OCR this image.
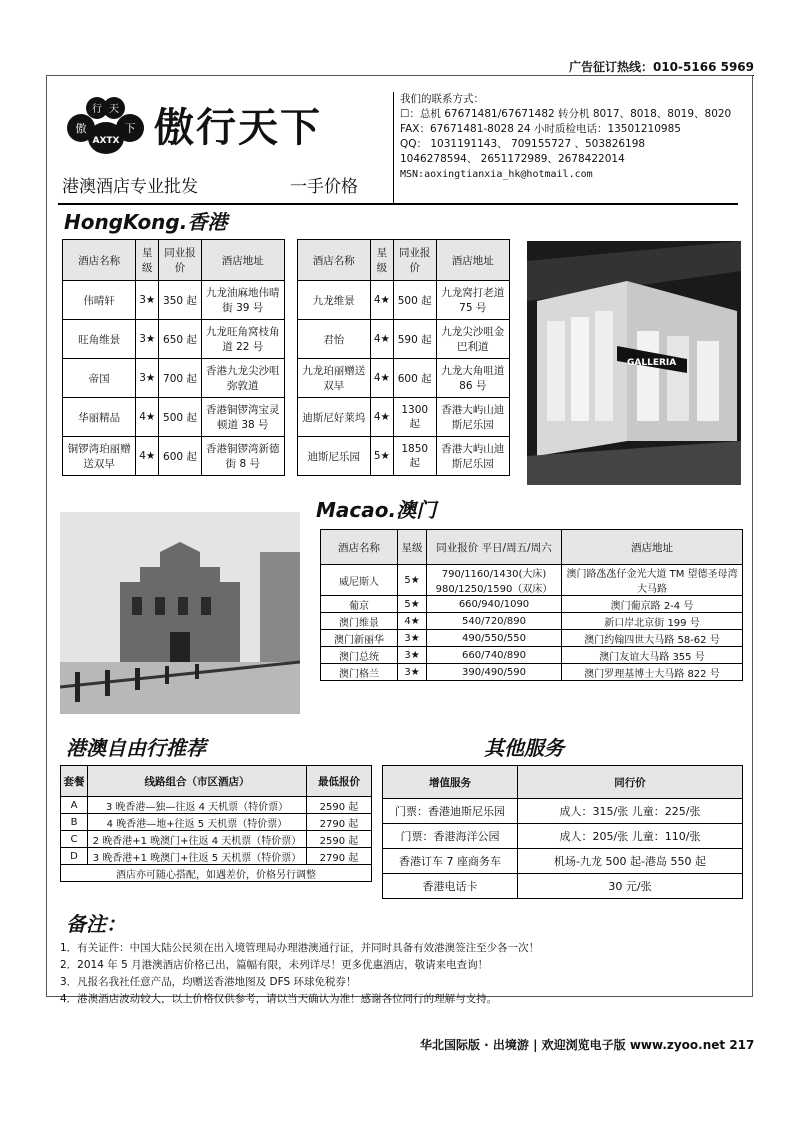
广告征订热线：010-5166 5969
傲
行 天
下
AXTX 傲行天下
港澳酒店专业批发	一手价格
我们的联系方式：
☐：总机 67671481/67671482 转分机 8017、8018、8019、8020
FAX：67671481-8028 24 小时质检电话：13501210985
QQ： 1031191143、 709155727 、503826198
1046278594、 2651172989、2678422014
MSN:aoxingtianxia_hk@hotmail.com
HongKong.香港
酒店名称	星级	同业报价	酒店地址		酒店名称	星级	同业报价	酒店地址
伟晴轩	3★	350 起	九龙油麻地伟晴街 39 号		九龙维景	4★	500 起	九龙窝打老道 75 号
旺角维景	3★	650 起	九龙旺角窝枝角道 22 号		君怡	4★	590 起	九龙尖沙咀金巴利道
帝国	3★	700 起	香港九龙尖沙咀弥敦道		九龙珀丽赠送双早	4★	600 起	九龙大角咀道 86 号
华丽精品	4★	500 起	香港铜锣湾宝灵顿道 38 号		迪斯尼好莱坞	4★	1300 起	香港大屿山迪斯尼乐园
铜锣湾珀丽赠送双早	4★	600 起	香港铜锣湾新德街 8 号		迪斯尼乐园	5★	1850 起	香港大屿山迪斯尼乐园
GALLERIA
Macao.澳门
酒店名称	星级	同业报价 平日/周五/周六	酒店地址
威尼斯人	5★	790/1160/1430(大床) 980/1250/1590（双床）	澳门路氹氹仔金光大道 TM 望德圣母湾大马路
葡京	5★	660/940/1090	澳门葡京路 2-4 号
澳门维景	4★	540/720/890	新口岸北京街 199 号
澳门新丽华	3★	490/550/550	澳门约翰四世大马路 58-62 号
澳门总统	3★	660/740/890	澳门友谊大马路 355 号
澳门格兰	3★	390/490/590	澳门罗理基博士大马路 822 号
港澳自由行推荐
套餐	线路组合（市区酒店）	最低报价
A	3 晚香港—独—往返 4 天机票（特价票）	2590 起
B	4 晚香港—地+往返 5 天机票（特价票）	2790 起
C	2 晚香港+1 晚澳门+往返 4 天机票（特价票）	2590 起
D	3 晚香港+1 晚澳门+往返 5 天机票（特价票）	2790 起
酒店亦可随心搭配，如遇差价，价格另行调整		
其他服务
增值服务	同行价
门票：香港迪斯尼乐园	成人：315/张 儿童：225/张
门票：香港海洋公园	成人：205/张 儿童：110/张
香港订车 7 座商务车	机场-九龙 500 起-港岛 550 起
香港电话卡	30 元/张
备注：
1．有关证件：中国大陆公民须在出入境管理局办理港澳通行证，并同时具备有效港澳签注至少各一次！
2．2014 年 5 月港澳酒店价格已出，篇幅有限，未列详尽！更多优惠酒店，敬请来电查询！
3．凡报名我社任意产品，均赠送香港地图及 DFS 环球免税券！
4．港澳酒店波动较大，以上价格仅供参考，请以当天确认为准！感谢各位同行的理解与支持。
华北国际版 · 出境游 | 欢迎浏览电子版 www.zyoo.net 217
